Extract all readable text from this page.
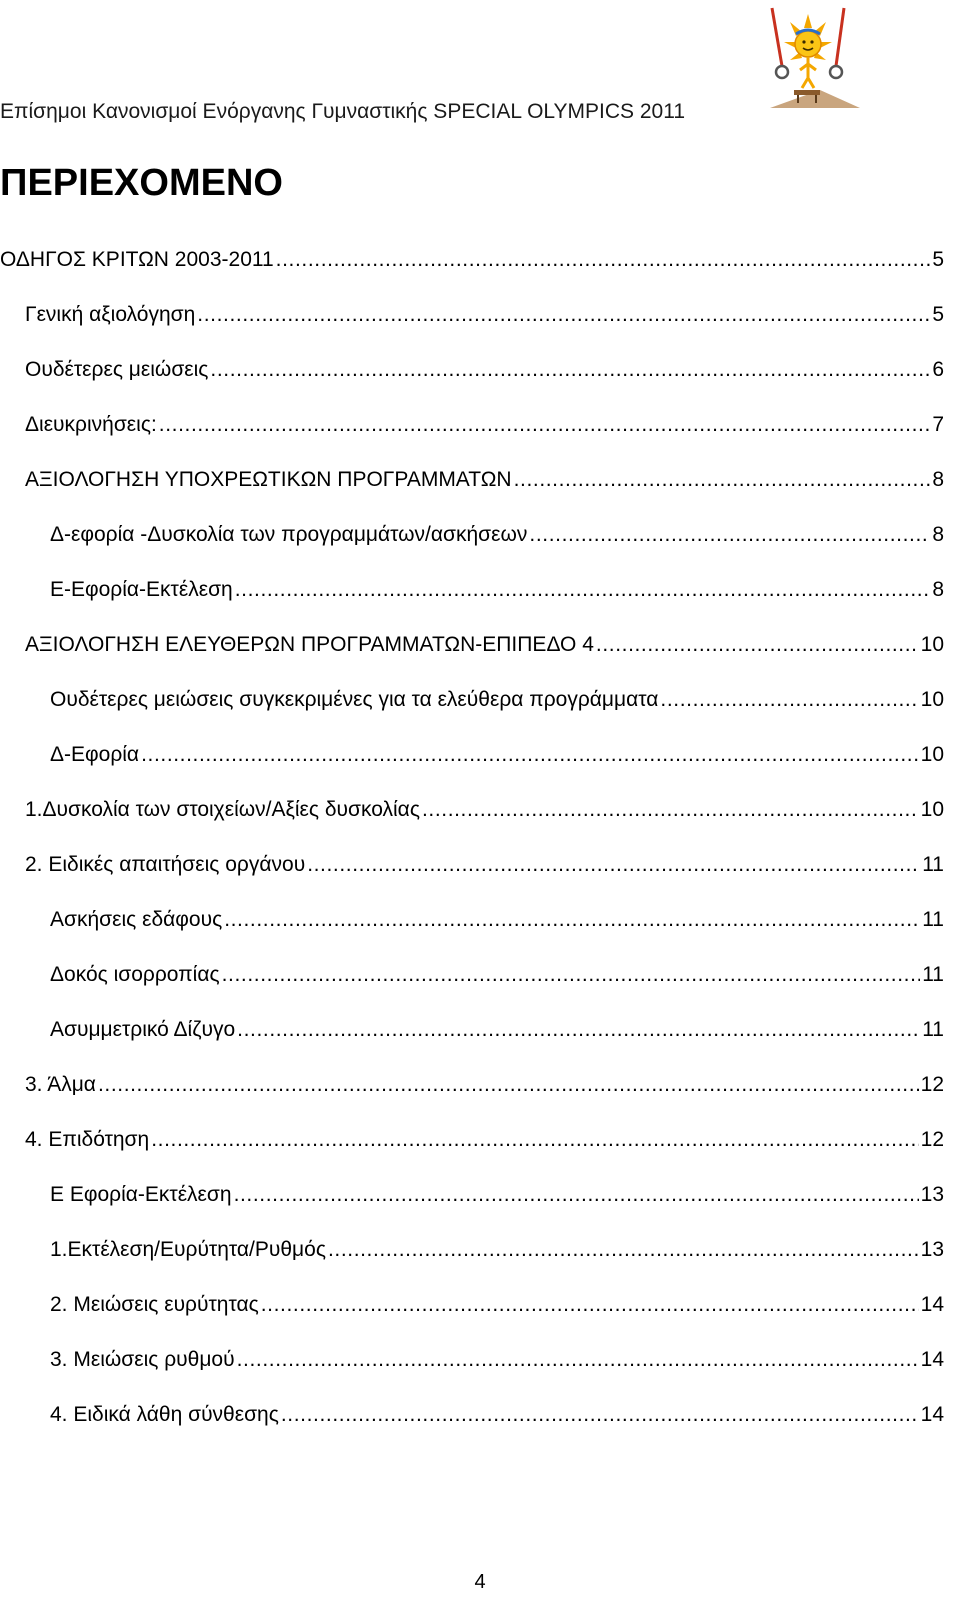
Επίσημοι Κανονισμοί Ενόργανης Γυμναστικής SPECIAL OLYMPICS 2011
ΠΕΡΙΕΧΟΜΕΝΟ
ΟΔΗΓΟΣ ΚΡΙΤΩΝ 2003-2011 .....	5
Γενική αξιολόγηση .....	5
Ουδέτερες μειώσεις .....	6
Διευκρινήσεις: .....	7
ΑΞΙΟΛΟΓΗΣΗ ΥΠΟΧΡΕΩΤΙΚΩΝ ΠΡΟΓΡΑΜΜΑΤΩΝ .....	8
Δ-εφορία -Δυσκολία των προγραμμάτων/ασκήσεων .....	8
Ε-Εφορία-Εκτέλεση .....	8
ΑΞΙΟΛΟΓΗΣΗ ΕΛΕΥΘΕΡΩΝ ΠΡΟΓΡΑΜΜΑΤΩΝ-ΕΠΙΠΕΔΟ 4 .....	10
Ουδέτερες μειώσεις συγκεκριμένες για τα ελεύθερα προγράμματα .....	10
Δ-Εφορία .....	10
1. Δυσκολία των στοιχείων/Αξίες δυσκολίας .....	10
2. Ειδικές απαιτήσεις οργάνου .....	11
Ασκήσεις εδάφους .....	11
Δοκός ισορροπίας .....	11
Ασυμμετρικό Δίζυγο .....	11
3. Άλμα .....	12
4. Επιδότηση .....	12
Ε Εφορία-Εκτέλεση .....	13
1.Εκτέλεση/Ευρύτητα/Ρυθμός .....	13
2. Μειώσεις ευρύτητας .....	14
3. Μειώσεις ρυθμού .....	14
4. Ειδικά λάθη σύνθεσης .....	14
4
